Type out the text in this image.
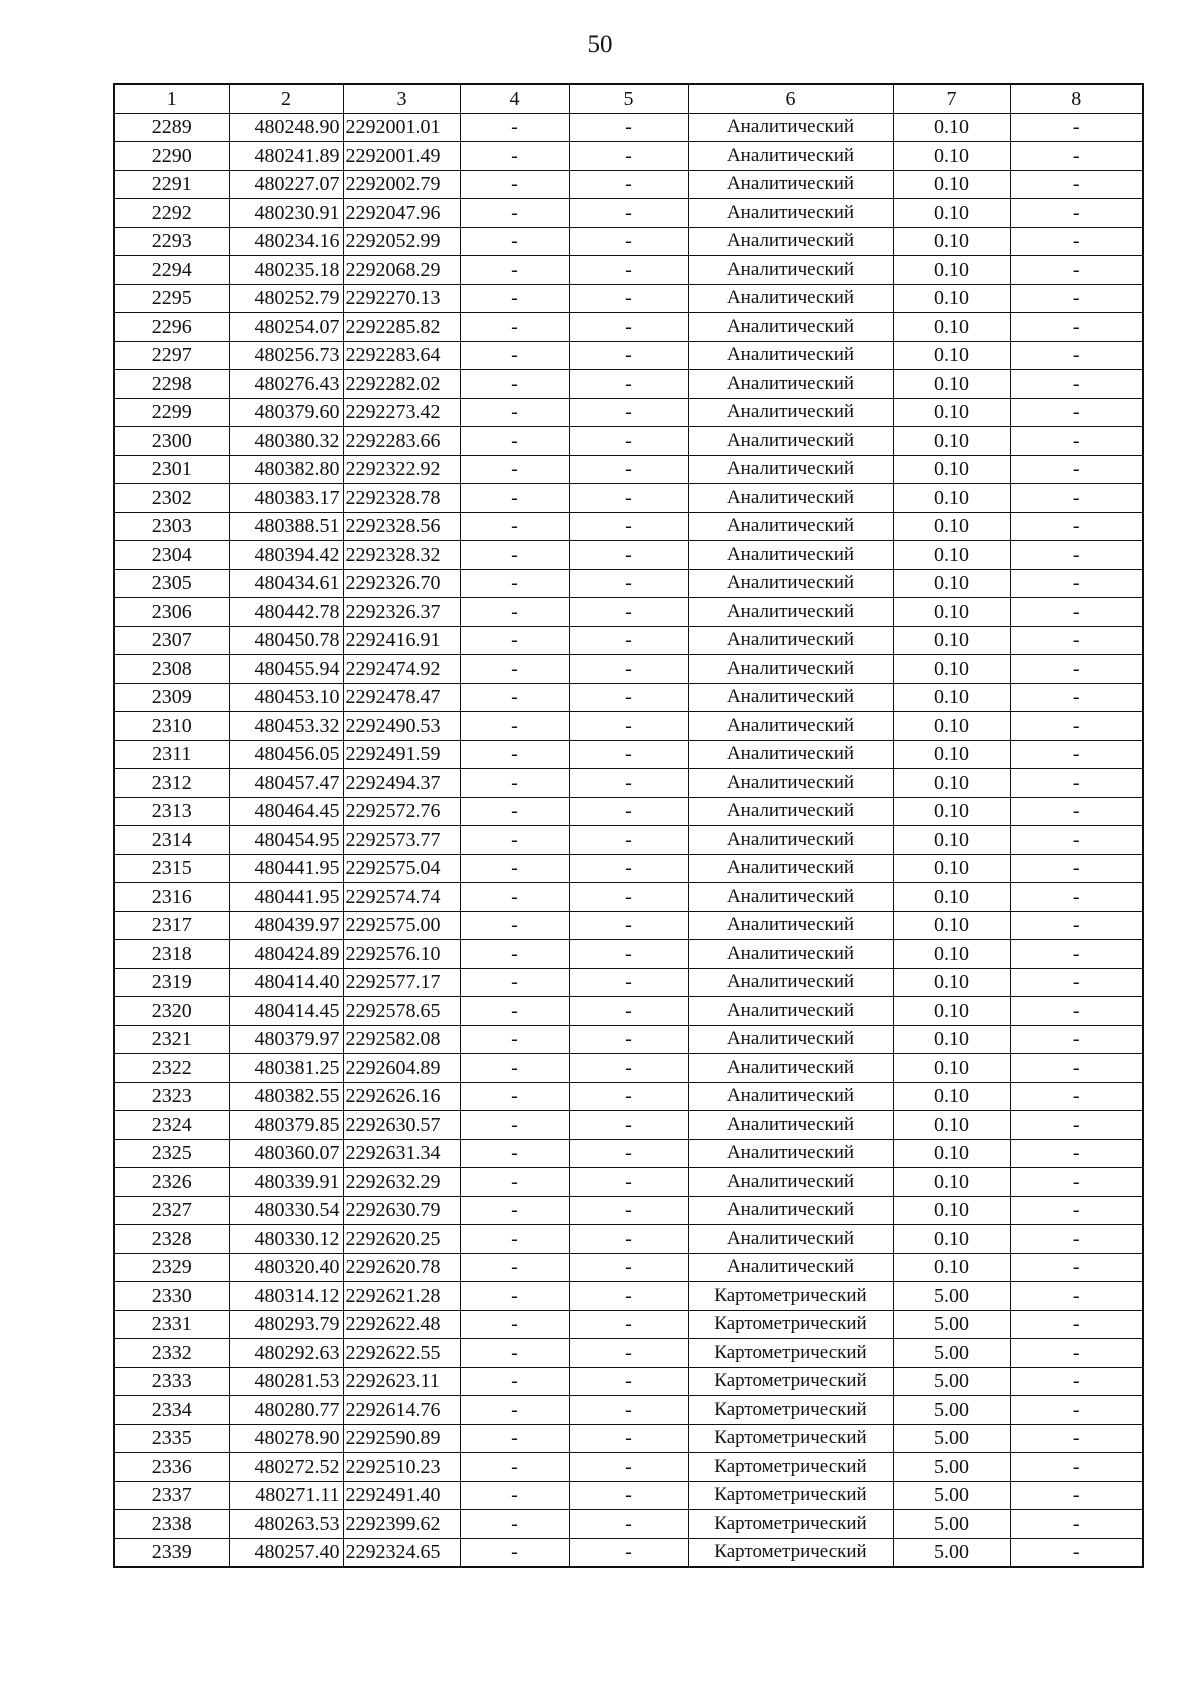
50
1	2	3	4	5	6	7	8
2289	480248.90	2292001.01	-	-	Аналитический	0.10	-
2290	480241.89	2292001.49	-	-	Аналитический	0.10	-
2291	480227.07	2292002.79	-	-	Аналитический	0.10	-
2292	480230.91	2292047.96	-	-	Аналитический	0.10	-
2293	480234.16	2292052.99	-	-	Аналитический	0.10	-
2294	480235.18	2292068.29	-	-	Аналитический	0.10	-
2295	480252.79	2292270.13	-	-	Аналитический	0.10	-
2296	480254.07	2292285.82	-	-	Аналитический	0.10	-
2297	480256.73	2292283.64	-	-	Аналитический	0.10	-
2298	480276.43	2292282.02	-	-	Аналитический	0.10	-
2299	480379.60	2292273.42	-	-	Аналитический	0.10	-
2300	480380.32	2292283.66	-	-	Аналитический	0.10	-
2301	480382.80	2292322.92	-	-	Аналитический	0.10	-
2302	480383.17	2292328.78	-	-	Аналитический	0.10	-
2303	480388.51	2292328.56	-	-	Аналитический	0.10	-
2304	480394.42	2292328.32	-	-	Аналитический	0.10	-
2305	480434.61	2292326.70	-	-	Аналитический	0.10	-
2306	480442.78	2292326.37	-	-	Аналитический	0.10	-
2307	480450.78	2292416.91	-	-	Аналитический	0.10	-
2308	480455.94	2292474.92	-	-	Аналитический	0.10	-
2309	480453.10	2292478.47	-	-	Аналитический	0.10	-
2310	480453.32	2292490.53	-	-	Аналитический	0.10	-
2311	480456.05	2292491.59	-	-	Аналитический	0.10	-
2312	480457.47	2292494.37	-	-	Аналитический	0.10	-
2313	480464.45	2292572.76	-	-	Аналитический	0.10	-
2314	480454.95	2292573.77	-	-	Аналитический	0.10	-
2315	480441.95	2292575.04	-	-	Аналитический	0.10	-
2316	480441.95	2292574.74	-	-	Аналитический	0.10	-
2317	480439.97	2292575.00	-	-	Аналитический	0.10	-
2318	480424.89	2292576.10	-	-	Аналитический	0.10	-
2319	480414.40	2292577.17	-	-	Аналитический	0.10	-
2320	480414.45	2292578.65	-	-	Аналитический	0.10	-
2321	480379.97	2292582.08	-	-	Аналитический	0.10	-
2322	480381.25	2292604.89	-	-	Аналитический	0.10	-
2323	480382.55	2292626.16	-	-	Аналитический	0.10	-
2324	480379.85	2292630.57	-	-	Аналитический	0.10	-
2325	480360.07	2292631.34	-	-	Аналитический	0.10	-
2326	480339.91	2292632.29	-	-	Аналитический	0.10	-
2327	480330.54	2292630.79	-	-	Аналитический	0.10	-
2328	480330.12	2292620.25	-	-	Аналитический	0.10	-
2329	480320.40	2292620.78	-	-	Аналитический	0.10	-
2330	480314.12	2292621.28	-	-	Картометрический	5.00	-
2331	480293.79	2292622.48	-	-	Картометрический	5.00	-
2332	480292.63	2292622.55	-	-	Картометрический	5.00	-
2333	480281.53	2292623.11	-	-	Картометрический	5.00	-
2334	480280.77	2292614.76	-	-	Картометрический	5.00	-
2335	480278.90	2292590.89	-	-	Картометрический	5.00	-
2336	480272.52	2292510.23	-	-	Картометрический	5.00	-
2337	480271.11	2292491.40	-	-	Картометрический	5.00	-
2338	480263.53	2292399.62	-	-	Картометрический	5.00	-
2339	480257.40	2292324.65	-	-	Картометрический	5.00	-
